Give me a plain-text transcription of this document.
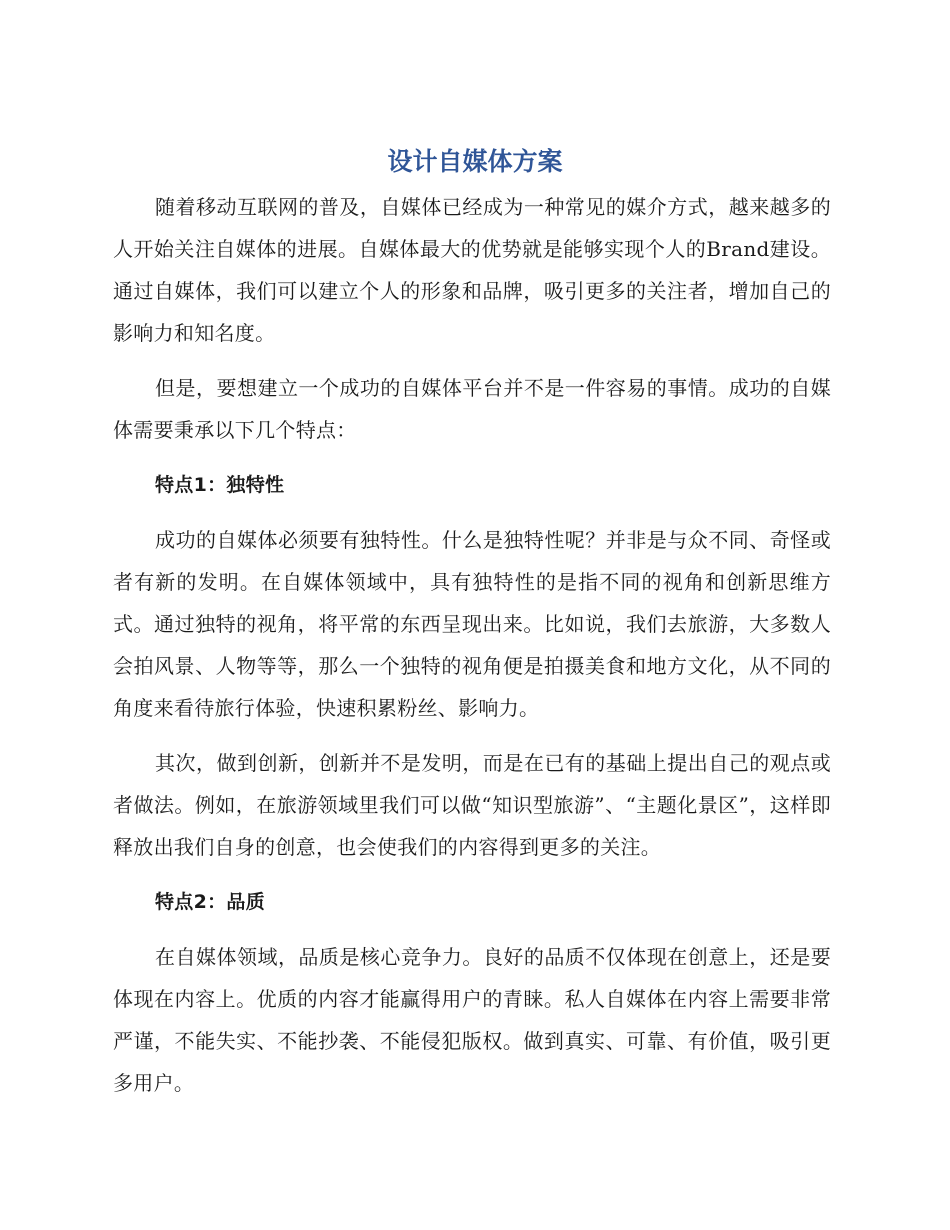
设计自媒体方案

随着移动互联网的普及，自媒体已经成为一种常见的媒介方式，越来越多的人开始关注自媒体的进展。自媒体最大的优势就是能够实现个人的Brand建设。通过自媒体，我们可以建立个人的形象和品牌，吸引更多的关注者，增加自己的影响力和知名度。

但是，要想建立一个成功的自媒体平台并不是一件容易的事情。成功的自媒体需要秉承以下几个特点：

特点1：独特性

成功的自媒体必须要有独特性。什么是独特性呢？并非是与众不同、奇怪或者有新的发明。在自媒体领域中，具有独特性的是指不同的视角和创新思维方式。通过独特的视角，将平常的东西呈现出来。比如说，我们去旅游，大多数人会拍风景、人物等等，那么一个独特的视角便是拍摄美食和地方文化，从不同的角度来看待旅行体验，快速积累粉丝、影响力。

其次，做到创新，创新并不是发明，而是在已有的基础上提出自己的观点或者做法。例如，在旅游领域里我们可以做“知识型旅游”、“主题化景区”，这样即释放出我们自身的创意，也会使我们的内容得到更多的关注。

特点2：品质

在自媒体领域，品质是核心竞争力。良好的品质不仅体现在创意上，还是要体现在内容上。优质的内容才能赢得用户的青睐。私人自媒体在内容上需要非常严谨，不能失实、不能抄袭、不能侵犯版权。做到真实、可靠、有价值，吸引更多用户。
